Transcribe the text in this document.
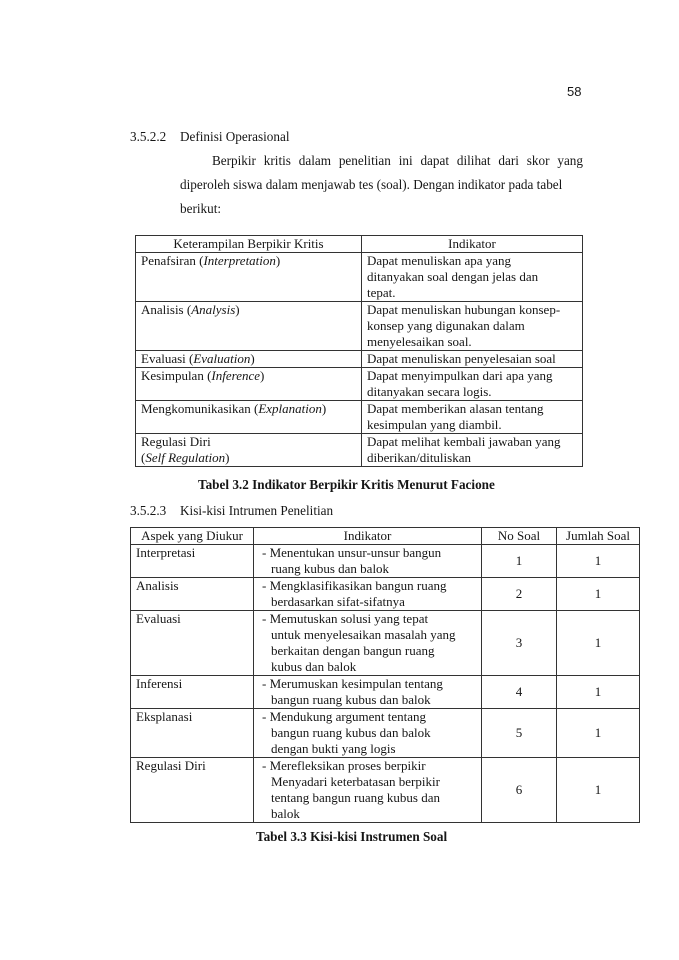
58
3.5.2.2 Definisi Operasional
Berpikir kritis dalam penelitian ini dapat dilihat dari skor yang
diperoleh siswa dalam menjawab tes (soal). Dengan indikator pada tabel
berikut:
Keterampilan Berpikir Kritis	Indikator
Penafsiran (Interpretation)	Dapat menuliskan apa yang
ditanyakan soal dengan jelas dan
tepat.

Analisis (Analysis)	Dapat menuliskan hubungan konsep-
konsep yang digunakan dalam
menyelesaikan soal.

Evaluasi (Evaluation)	Dapat menuliskan penyelesaian soal

Kesimpulan (Inference)	Dapat menyimpulkan dari apa yang
ditanyakan secara logis.

Mengkomunikasikan (Explanation)	Dapat memberikan alasan tentang
kesimpulan yang diambil.

Regulasi Diri
(Self Regulation)	Dapat melihat kembali jawaban yang
diberikan/dituliskan
Tabel 3.2 Indikator Berpikir Kritis Menurut Facione
3.5.2.3 Kisi-kisi Intrumen Penelitian
Aspek yang Diukur	Indikator	No Soal	Jumlah Soal
Interpretasi	- Menentukan unsur-unsur bangun
ruang kubus dan balok	1	1
Analisis	- Mengklasifikasikan bangun ruang
berdasarkan sifat-sifatnya	2	1
Evaluasi	- Memutuskan solusi yang tepat
untuk menyelesaikan masalah yang
berkaitan dengan bangun ruang
kubus dan balok	3	1
Inferensi	- Merumuskan kesimpulan tentang
bangun ruang kubus dan balok	4	1
Eksplanasi	- Mendukung argument tentang
bangun ruang kubus dan balok
dengan bukti yang logis	5	1
Regulasi Diri	- Merefleksikan proses berpikir
Menyadari keterbatasan berpikir
tentang bangun ruang kubus dan
balok	6	1
Tabel 3.3 Kisi-kisi Instrumen Soal
